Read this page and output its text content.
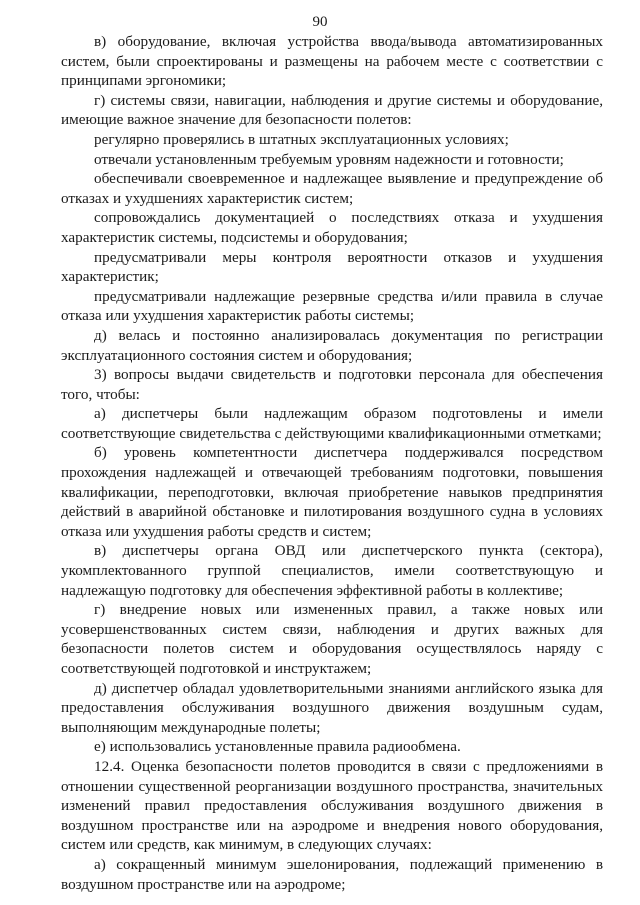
90

в) оборудование, включая устройства ввода/вывода автоматизированных систем, были спроектированы и размещены на рабочем месте с соответствии с принципами эргономики;

г) системы связи, навигации, наблюдения и другие системы и оборудование, имеющие важное значение для безопасности полетов:

регулярно проверялись в штатных эксплуатационных условиях;

отвечали установленным требуемым уровням надежности и готовности;

обеспечивали своевременное и надлежащее выявление и предупреждение об отказах и ухудшениях характеристик систем;

сопровождались документацией о последствиях отказа и ухудшения характеристик системы, подсистемы и оборудования;

предусматривали меры контроля вероятности отказов и ухудшения характеристик;

предусматривали надлежащие резервные средства и/или правила в случае отказа или ухудшения характеристик работы системы;

д) велась и постоянно анализировалась документация по регистрации эксплуатационного состояния систем и оборудования;

3) вопросы выдачи свидетельств и подготовки персонала для обеспечения того, чтобы:

а) диспетчеры были надлежащим образом подготовлены и имели соответствующие свидетельства с действующими квалификационными отметками;

б) уровень компетентности диспетчера поддерживался посредством прохождения надлежащей и отвечающей требованиям подготовки, повышения квалификации, переподготовки, включая приобретение навыков предпринятия действий в аварийной обстановке и пилотирования воздушного судна в условиях отказа или ухудшения работы средств и систем;

в) диспетчеры органа ОВД или диспетчерского пункта (сектора), укомплектованного группой специалистов, имели соответствующую и надлежащую подготовку для обеспечения эффективной работы в коллективе;

г) внедрение новых или измененных правил, а также новых или усовершенствованных систем связи, наблюдения и других важных для безопасности полетов систем и оборудования осуществлялось наряду с соответствующей подготовкой и инструктажем;

д) диспетчер обладал удовлетворительными знаниями английского языка для предоставления обслуживания воздушного движения воздушным судам, выполняющим международные полеты;

е) использовались установленные правила радиообмена.

12.4. Оценка безопасности полетов проводится в связи с предложениями в отношении существенной реорганизации воздушного пространства, значительных изменений правил предоставления обслуживания воздушного движения в воздушном пространстве или на аэродроме и внедрения нового оборудования, систем или средств, как минимум, в следующих случаях:

а) сокращенный минимум эшелонирования, подлежащий применению в воздушном пространстве или на аэродроме;
